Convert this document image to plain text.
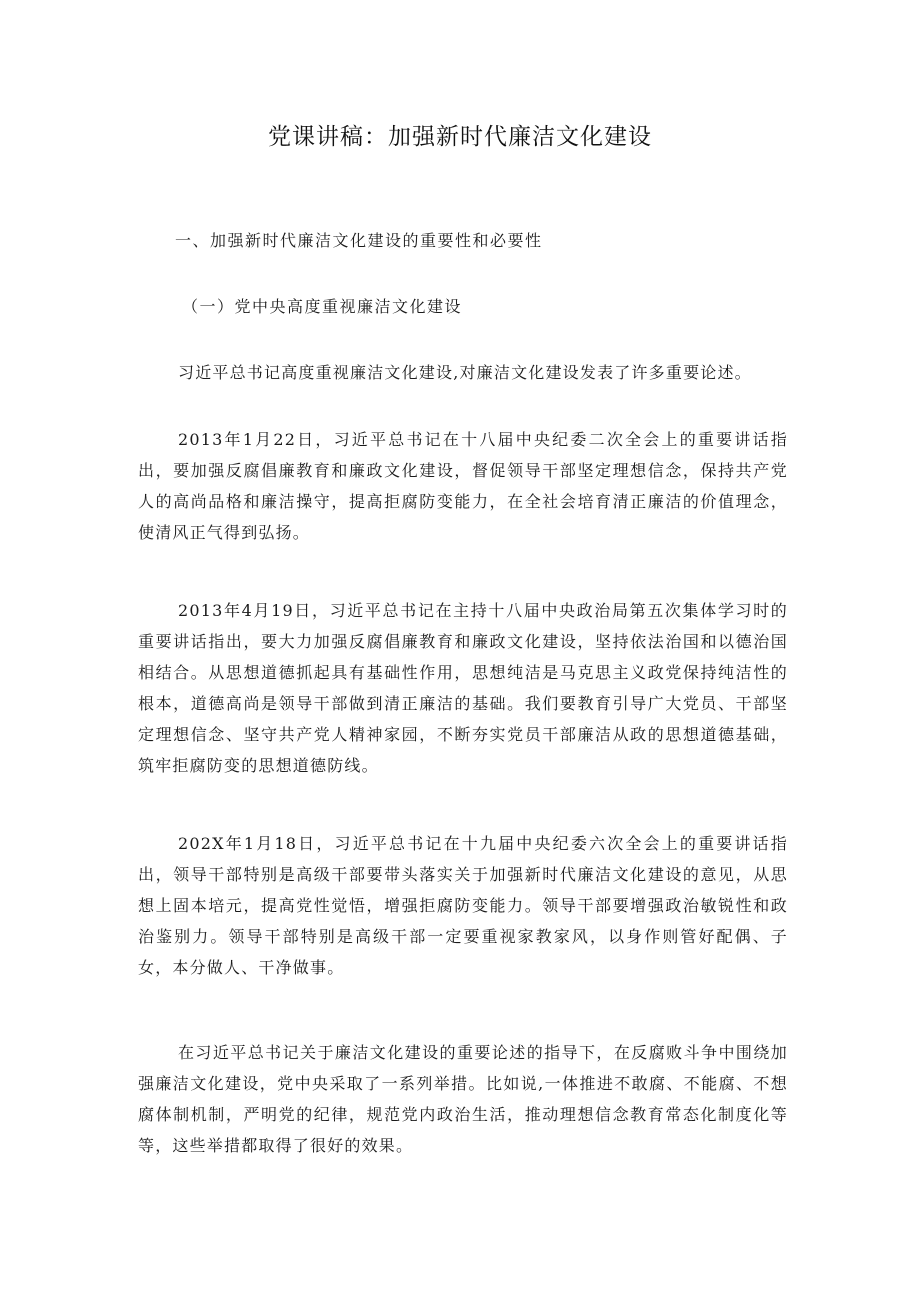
党课讲稿：加强新时代廉洁文化建设
一、加强新时代廉洁文化建设的重要性和必要性
（一）党中央高度重视廉洁文化建设

习近平总书记高度重视廉洁文化建设,对廉洁文化建设发表了许多重要论述。

2013年1月22日，习近平总书记在十八届中央纪委二次全会上的重要讲话指出，要加强反腐倡廉教育和廉政文化建设，督促领导干部坚定理想信念，保持共产党人的高尚品格和廉洁操守，提高拒腐防变能力，在全社会培育清正廉洁的价值理念，使清风正气得到弘扬。

2013年4月19日，习近平总书记在主持十八届中央政治局第五次集体学习时的重要讲话指出，要大力加强反腐倡廉教育和廉政文化建设，坚持依法治国和以德治国相结合。从思想道德抓起具有基础性作用，思想纯洁是马克思主义政党保持纯洁性的根本，道德高尚是领导干部做到清正廉洁的基础。我们要教育引导广大党员、干部坚定理想信念、坚守共产党人精神家园，不断夯实党员干部廉洁从政的思想道德基础，筑牢拒腐防变的思想道德防线。

202X年1月18日，习近平总书记在十九届中央纪委六次全会上的重要讲话指出，领导干部特别是高级干部要带头落实关于加强新时代廉洁文化建设的意见，从思想上固本培元，提高党性觉悟，增强拒腐防变能力。领导干部要增强政治敏锐性和政治鉴别力。领导干部特别是高级干部一定要重视家教家风，以身作则管好配偶、子女，本分做人、干净做事。

在习近平总书记关于廉洁文化建设的重要论述的指导下，在反腐败斗争中围绕加强廉洁文化建设，党中央采取了一系列举措。比如说,一体推进不敢腐、不能腐、不想腐体制机制，严明党的纪律，规范党内政治生活，推动理想信念教育常态化制度化等等，这些举措都取得了很好的效果。
